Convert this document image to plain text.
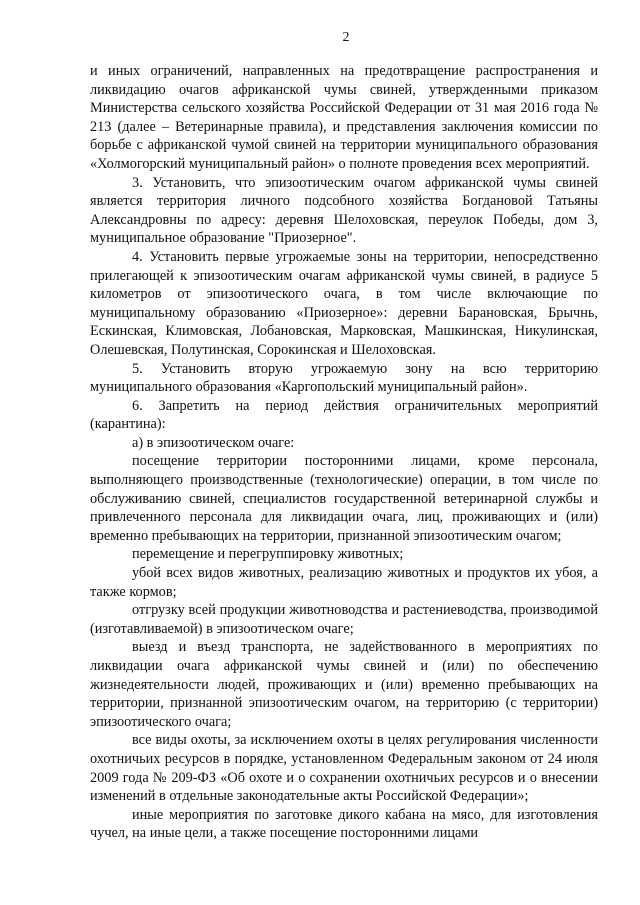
2

и иных ограничений, направленных на предотвращение распространения и ликвидацию очагов африканской чумы свиней, утвержденными приказом Министерства сельского хозяйства Российской Федерации от 31 мая 2016 года № 213 (далее – Ветеринарные правила), и представления заключения комиссии по борьбе с африканской чумой свиней на территории муниципального образования «Холмогорский муниципальный район» о полноте проведения всех мероприятий.

3. Установить, что эпизоотическим очагом африканской чумы свиней является территория личного подсобного хозяйства Богдановой Татьяны Александровны по адресу: деревня Шелоховская, переулок Победы, дом 3, муниципальное образование "Приозерное".

4. Установить первые угрожаемые зоны на территории, непосредственно прилегающей к эпизоотическим очагам африканской чумы свиней, в радиусе 5 километров от эпизоотического очага, в том числе включающие по муниципальному образованию «Приозерное»: деревни Барановская, Брычнь, Ескинская, Климовская, Лобановская, Марковская, Машкинская, Никулинская, Олешевская, Полутинская, Сорокинская и Шелоховская.

5. Установить вторую угрожаемую зону на всю территорию муниципального образования «Каргопольский муниципальный район».

6. Запретить на период действия ограничительных мероприятий (карантина):

а) в эпизоотическом очаге:

посещение территории посторонними лицами, кроме персонала, выполняющего производственные (технологические) операции, в том числе по обслуживанию свиней, специалистов государственной ветеринарной службы и привлеченного персонала для ликвидации очага, лиц, проживающих и (или) временно пребывающих на территории, признанной эпизоотическим очагом;

перемещение и перегруппировку животных;

убой всех видов животных, реализацию животных и продуктов их убоя, а также кормов;

отгрузку всей продукции животноводства и растениеводства, производимой (изготавливаемой) в эпизоотическом очаге;

выезд и въезд транспорта, не задействованного в мероприятиях по ликвидации очага африканской чумы свиней и (или) по обеспечению жизнедеятельности людей, проживающих и (или) временно пребывающих на территории, признанной эпизоотическим очагом, на территорию (с территории) эпизоотического очага;

все виды охоты, за исключением охоты в целях регулирования численности охотничьих ресурсов в порядке, установленном Федеральным законом от 24 июля 2009 года № 209-ФЗ «Об охоте и о сохранении охотничьих ресурсов и о внесении изменений в отдельные законодательные акты Российской Федерации»;

иные мероприятия по заготовке дикого кабана на мясо, для изготовления чучел, на иные цели, а также посещение посторонними лицами
